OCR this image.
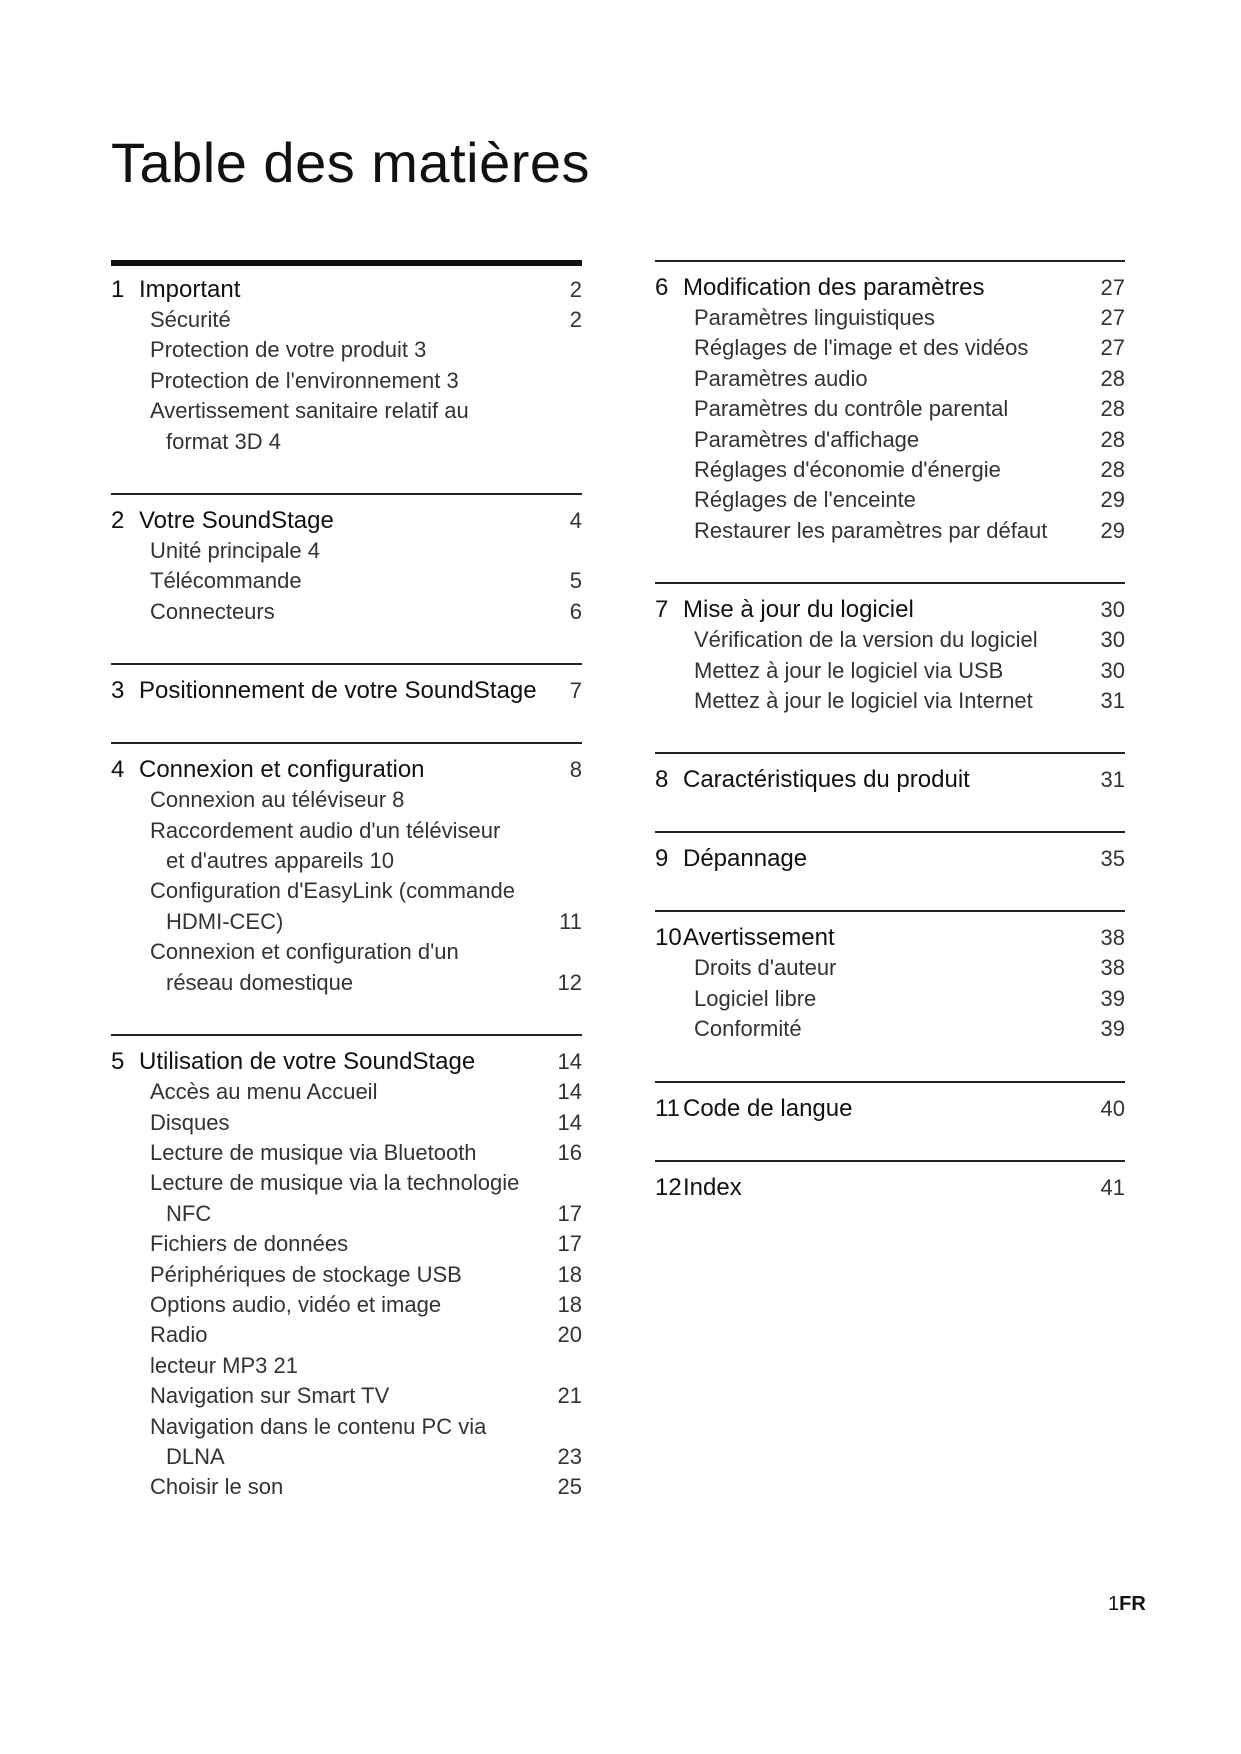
Table des matières
1 Important	2
Sécurité	2
Protection de votre produit 3
Protection de l'environnement 3
Avertissement sanitaire relatif au
format 3D 4
2 Votre SoundStage	4
Unité principale 4
Télécommande	5
Connecteurs	6
3 Positionnement de votre SoundStage	7
4 Connexion et configuration	8
Connexion au téléviseur 8
Raccordement audio d'un téléviseur
et d'autres appareils 10
Configuration d'EasyLink (commande
HDMI-CEC)	11
Connexion et configuration d'un
réseau domestique	12
5 Utilisation de votre SoundStage	14
Accès au menu Accueil	14
Disques	14
Lecture de musique via Bluetooth	16
Lecture de musique via la technologie
NFC	17
Fichiers de données	17
Périphériques de stockage USB	18
Options audio, vidéo et image	18
Radio	20
lecteur MP3 21
Navigation sur Smart TV	21
Navigation dans le contenu PC via
DLNA	23
Choisir le son	25
6 Modification des paramètres	27
Paramètres linguistiques	27
Réglages de l'image et des vidéos	27
Paramètres audio	28
Paramètres du contrôle parental	28
Paramètres d'affichage	28
Réglages d'économie d'énergie	28
Réglages de l'enceinte	29
Restaurer les paramètres par défaut	29
7 Mise à jour du logiciel	30
Vérification de la version du logiciel	30
Mettez à jour le logiciel via USB	30
Mettez à jour le logiciel via Internet	31
8 Caractéristiques du produit	31
9 Dépannage	35
10 Avertissement	38
Droits d'auteur	38
Logiciel libre	39
Conformité	39
11 Code de langue	40
12 Index	41
1FR
